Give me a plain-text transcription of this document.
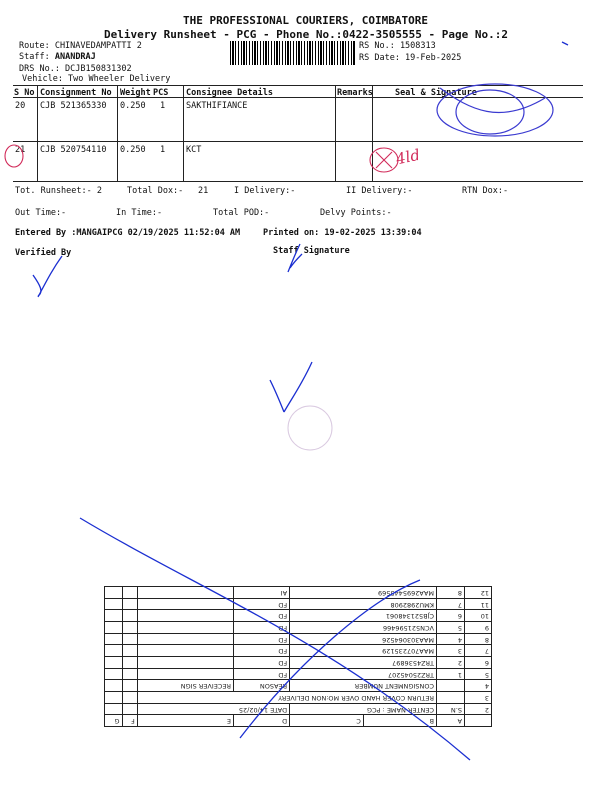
THE PROFESSIONAL COURIERS, COIMBATORE
Delivery Runsheet - PCG - Phone No.:0422-3505555 - Page No.:2
Route: CHINAVEDAMPATTI 2
Staff: ANANDRAJ
DRS No.: DCJB150831302
Vehicle: Two Wheeler Delivery
RS No.: 1508313
RS Date: 19-Feb-2025
S No Consignment No Weight PCS Consignee Details	Remarks	Seal & Signature
20 CJB 521365330 0.250 1 SAKTHIFIANCE
21 CJB 520754110 0.250 1 KCT
Tot. Runsheet:- 2	Total Dox:- 21	I Delivery:-	II Delivery:-	RTN Dox:-
Out Time:-	In Time:-	Total POD:-	Delvy Points:-
Entered By :MANGAIPCG 02/19/2025 11:52:04 AM	Printed on: 19-02-2025 13:39:04
Verified By	Staff Signature
4ld
	A	B	C	D	E	F	G
2	S.N	CENTER NAME : PCG		DATE 14/02/25			
3		RETURN COVER HAND OVER MO:NON DELIVERY					
4		CONSIGNMENT NUMBER		REASON	RECEIVER SIGN		
5	1	TRZ25045207		FD			
6	2	TRZ4536897		FD			
7	3	MAA707235129		FD			
8	4	MAA303064526		FD			
9	5	VCN521596466		FD			
10	6	CJB521348061		FD			
11	7	KMU2982908		FD			
12	8	MAA2695445569		AI			
